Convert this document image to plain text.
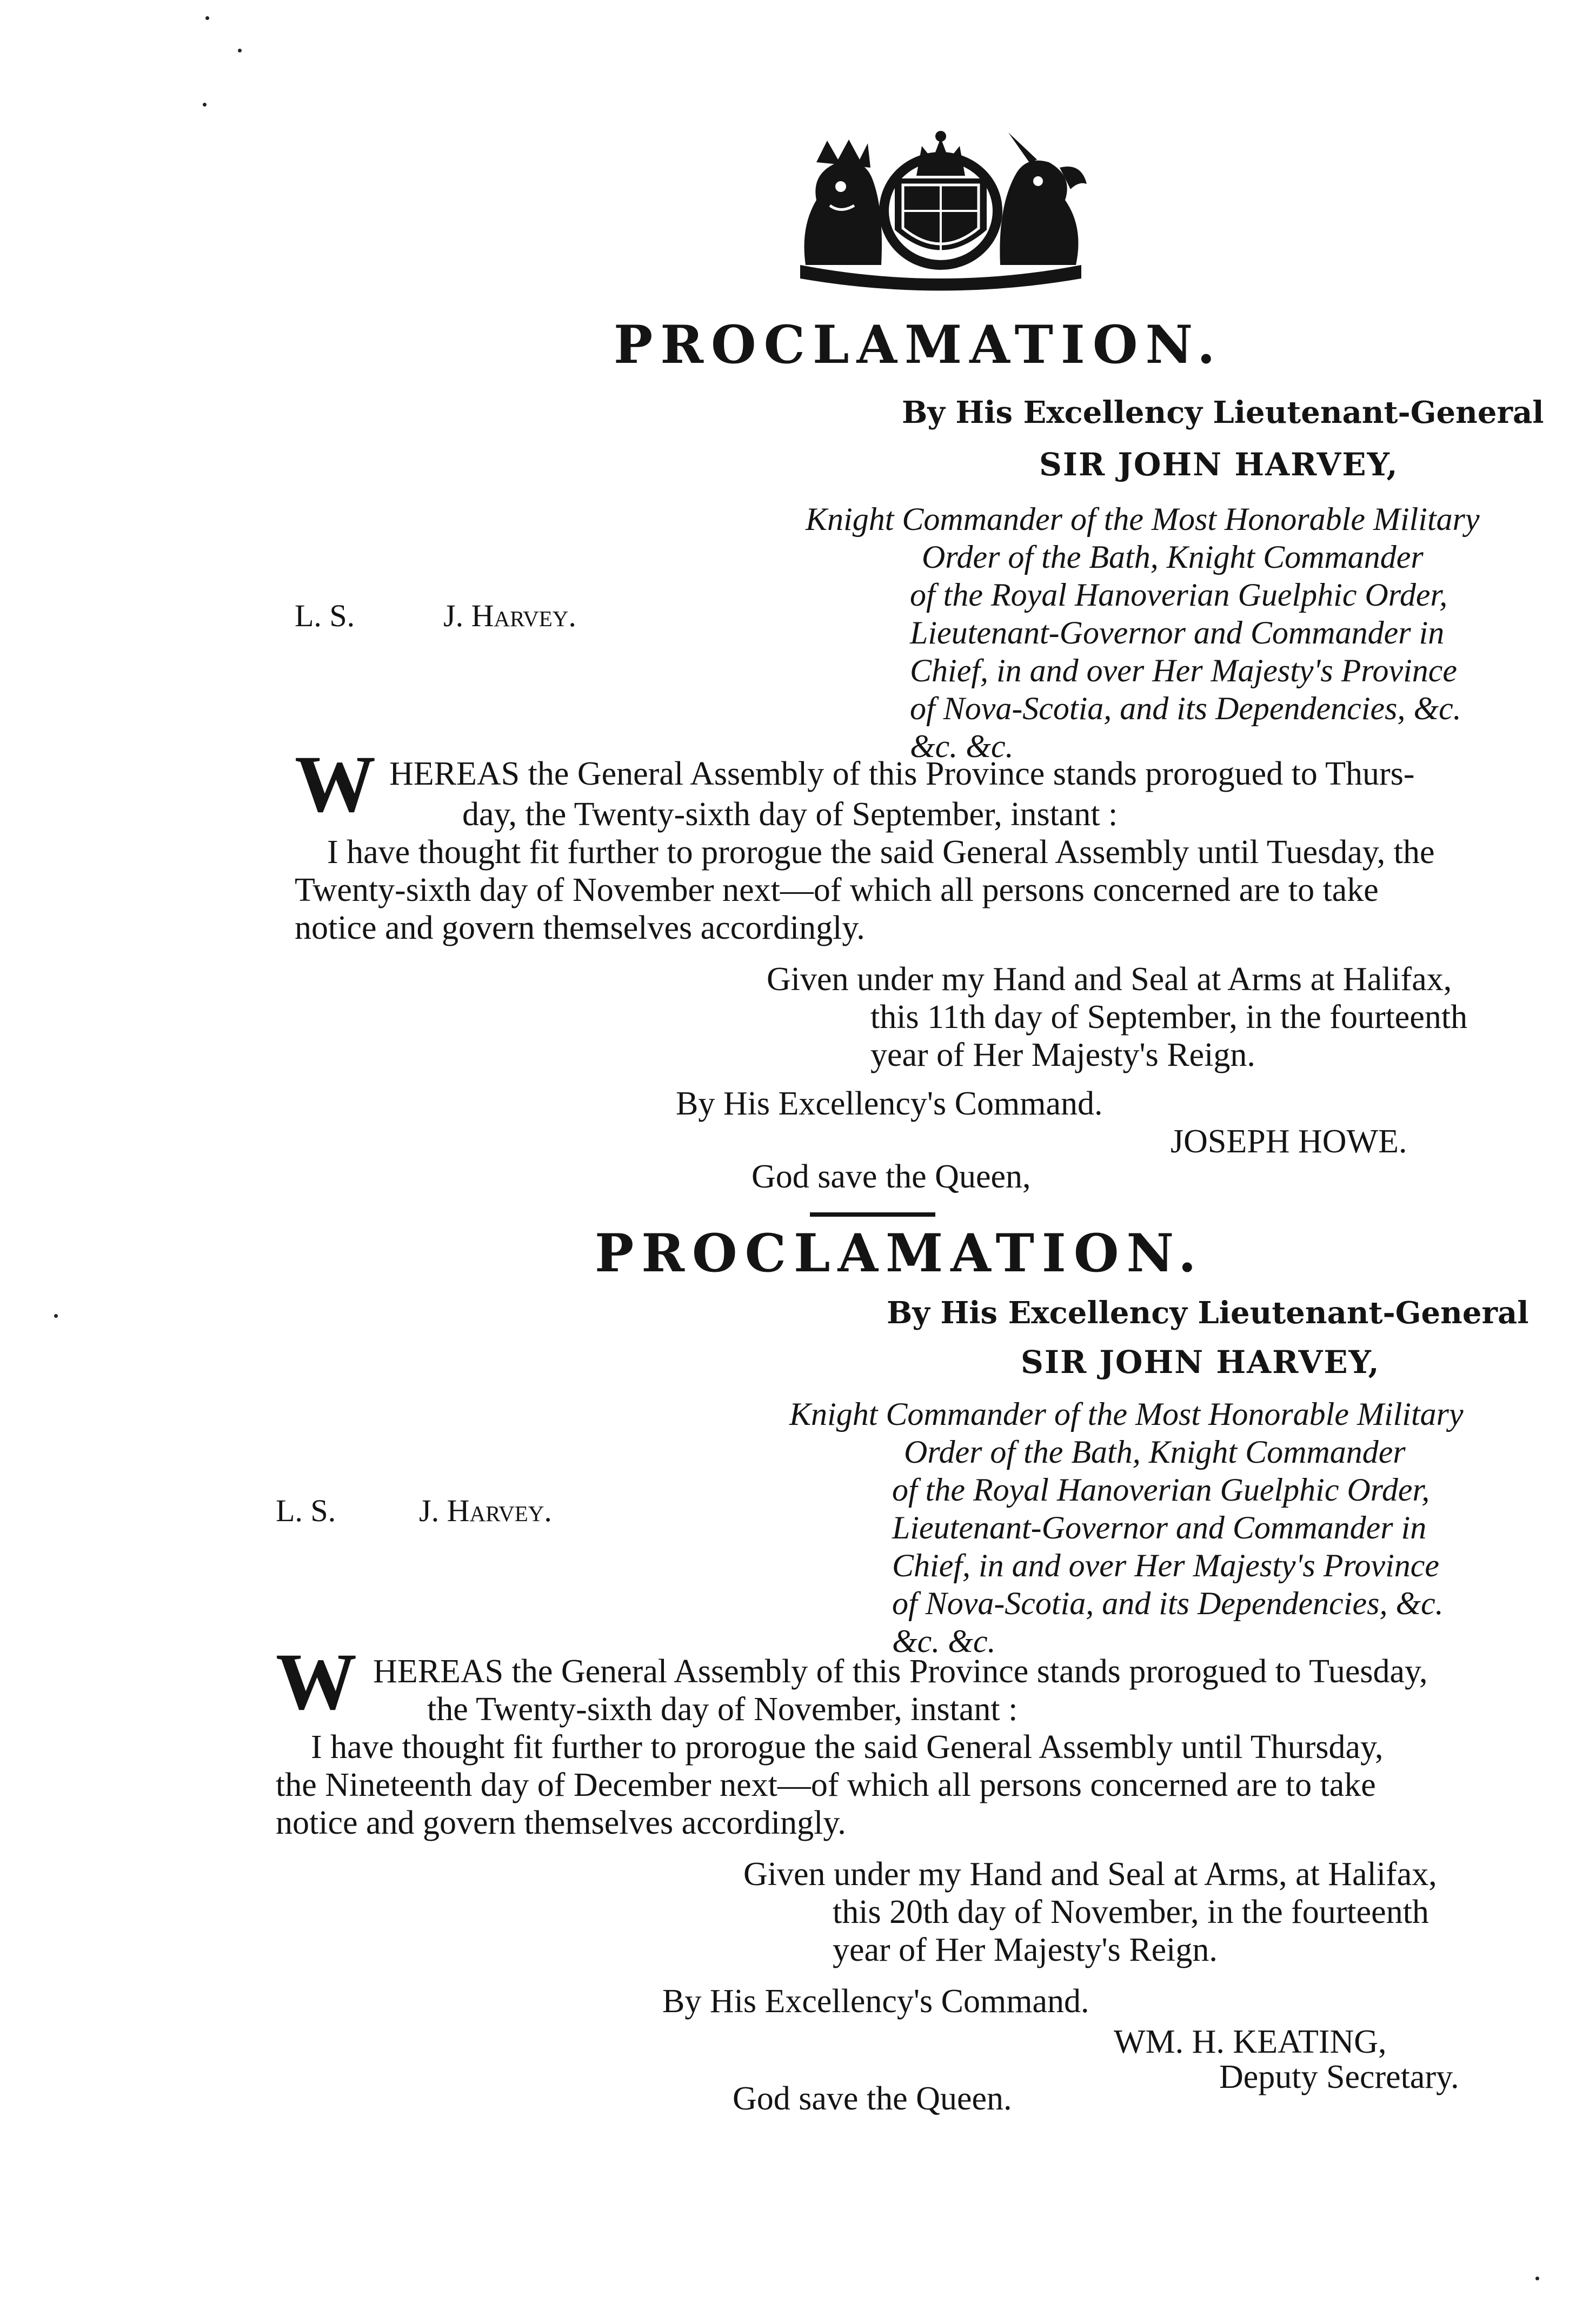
PROCLAMATION.
By His Excellency Lieutenant-General
SIR JOHN HARVEY,
Knight Commander of the Most Honorable Military
Order of the Bath, Knight Commander
of the Royal Hanoverian Guelphic Order,
Lieutenant-Governor and Commander in
Chief, in and over Her Majesty's Province
of Nova-Scotia, and its Dependencies, &c.
&c. &c.
L. S.	J. Harvey.
W HEREAS the General Assembly of this Province stands prorogued to Thurs-
day, the Twenty-sixth day of September, instant :
I have thought fit further to prorogue the said General Assembly until Tuesday, the
Twenty-sixth day of November next—of which all persons concerned are to take
notice and govern themselves accordingly.
Given under my Hand and Seal at Arms at Halifax,
this 11th day of September, in the fourteenth
year of Her Majesty's Reign.
By His Excellency's Command.
JOSEPH HOWE.
God save the Queen,
PROCLAMATION.
By His Excellency Lieutenant-General
SIR JOHN HARVEY,
Knight Commander of the Most Honorable Military
Order of the Bath, Knight Commander
of the Royal Hanoverian Guelphic Order,
Lieutenant-Governor and Commander in
Chief, in and over Her Majesty's Province
of Nova-Scotia, and its Dependencies, &c.
&c. &c.
L. S.	J. Harvey.
W HEREAS the General Assembly of this Province stands prorogued to Tuesday,
the Twenty-sixth day of November, instant :
I have thought fit further to prorogue the said General Assembly until Thursday,
the Nineteenth day of December next—of which all persons concerned are to take
notice and govern themselves accordingly.
Given under my Hand and Seal at Arms, at Halifax,
this 20th day of November, in the fourteenth
year of Her Majesty's Reign.
By His Excellency's Command.
WM. H. KEATING,
Deputy Secretary.
God save the Queen.
